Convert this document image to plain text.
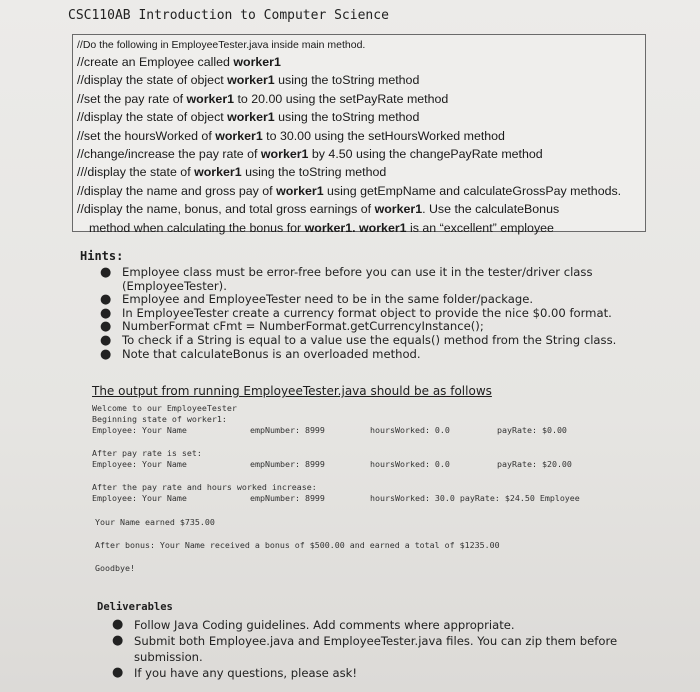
CSC110AB Introduction to Computer Science
//Do the following in EmployeeTester.java inside main method.
//create an Employee called worker1
//display the state of object worker1 using the toString method
//set the pay rate of worker1 to 20.00 using the setPayRate method
//display the state of object worker1 using the toString method
//set the hoursWorked of worker1 to 30.00 using the setHoursWorked method
//change/increase the pay rate of worker1 by 4.50 using the changePayRate method
///display the state of worker1 using the toString method
//display the name and gross pay of worker1 using getEmpName and calculateGrossPay methods.
//display the name, bonus, and total gross earnings of worker1. Use the calculateBonus
method when calculating the bonus for worker1. worker1 is an “excellent” employee
Hints:
● Employee class must be error-free before you can use it in the tester/driver class (EmployeeTester).
● Employee and EmployeeTester need to be in the same folder/package.
● In EmployeeTester create a currency format object to provide the nice $0.00 format.
● NumberFormat cFmt = NumberFormat.getCurrencyInstance();
● To check if a String is equal to a value use the equals() method from the String class.
● Note that calculateBonus is an overloaded method.
The output from running EmployeeTester.java should be as follows
Welcome to our EmployeeTester
Beginning state of worker1:
Employee: Your Name	empNumber: 8999	hoursWorked: 0.0	payRate: $0.00
After pay rate is set:
Employee: Your Name	empNumber: 8999	hoursWorked: 0.0	payRate: $20.00
After the pay rate and hours worked increase:
Employee: Your Name	empNumber: 8999	hoursWorked: 30.0 payRate: $24.50 Employee
Your Name earned $735.00
After bonus: Your Name received a bonus of $500.00 and earned a total of $1235.00
Goodbye!
Deliverables
● Follow Java Coding guidelines. Add comments where appropriate.
● Submit both Employee.java and EmployeeTester.java files. You can zip them before submission.
● If you have any questions, please ask!
